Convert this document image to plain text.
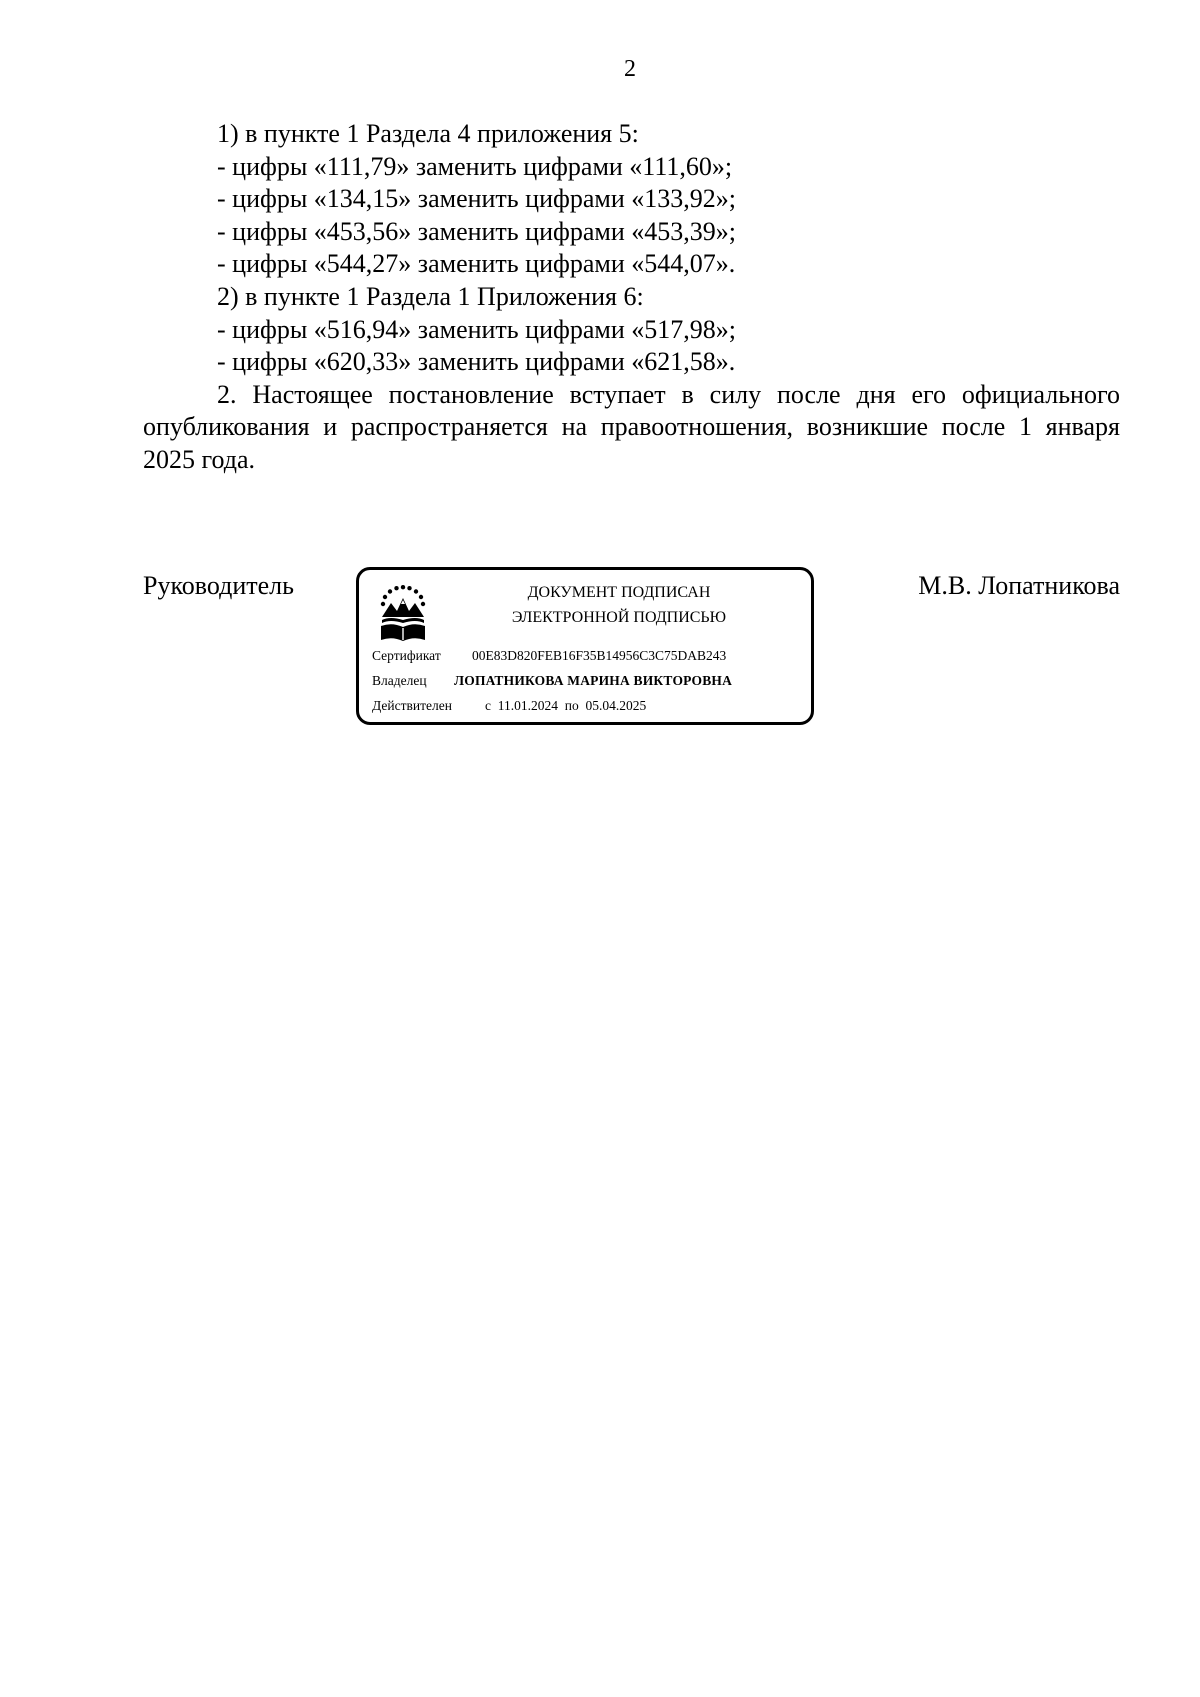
2
1) в пункте 1 Раздела 4 приложения 5:
- цифры «111,79» заменить цифрами «111,60»;
- цифры «134,15» заменить цифрами «133,92»;
- цифры «453,56» заменить цифрами «453,39»;
- цифры «544,27» заменить цифрами «544,07».
2) в пункте 1 Раздела 1 Приложения 6:
- цифры «516,94» заменить цифрами «517,98»;
- цифры «620,33» заменить цифрами «621,58».
2. Настоящее постановление вступает в силу после дня его официального опубликования и распространяется на правоотношения, возникшие после 1 января 2025 года.
Руководитель	М.В. Лопатникова
ДОКУМЕНТ ПОДПИСАН
ЭЛЕКТРОННОЙ ПОДПИСЬЮ
Сертификат 00E83D820FEB16F35B14956C3C75DAB243
Владелец ЛОПАТНИКОВА МАРИНА ВИКТОРОВНА
Действителен с 11.01.2024 по 05.04.2025
